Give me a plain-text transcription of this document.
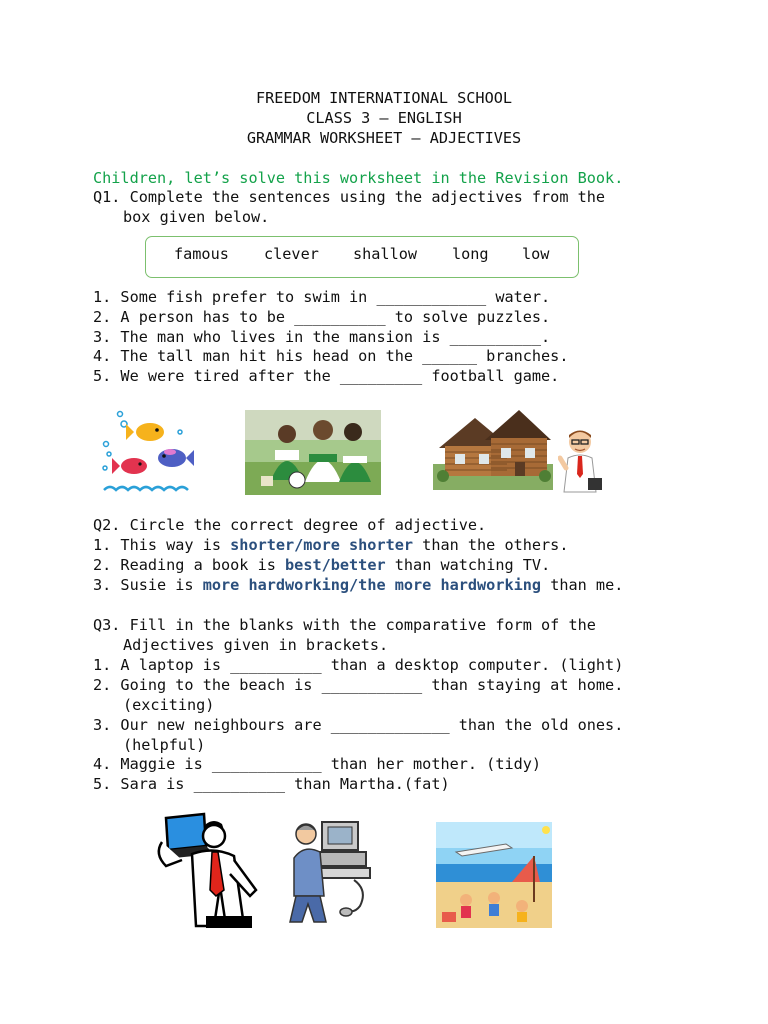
FREEDOM INTERNATIONAL SCHOOL
CLASS 3 – ENGLISH
GRAMMAR WORKSHEET – ADJECTIVES
Children, let’s solve this worksheet in the Revision Book.
Q1. Complete the sentences using the adjectives from the
box given below.
famous clever shallow long low
1. Some fish prefer to swim in ____________ water.
2. A person has to be __________ to solve puzzles.
3. The man who lives in the mansion is __________.
4. The tall man hit his head on the ______ branches.
5. We were tired after the _________ football game.
Q2. Circle the correct degree of adjective.
1. This way is shorter/more shorter than the others.
2. Reading a book is best/better than watching TV.
3. Susie is more hardworking/the more hardworking than me.
Q3. Fill in the blanks with the comparative form of the
Adjectives given in brackets.
1. A laptop is __________ than a desktop computer. (light)
2. Going to the beach is ___________ than staying at home.
(exciting)
3. Our new neighbours are _____________ than the old ones.
(helpful)
4. Maggie is ____________ than her mother. (tidy)
5. Sara is __________ than Martha.(fat)
